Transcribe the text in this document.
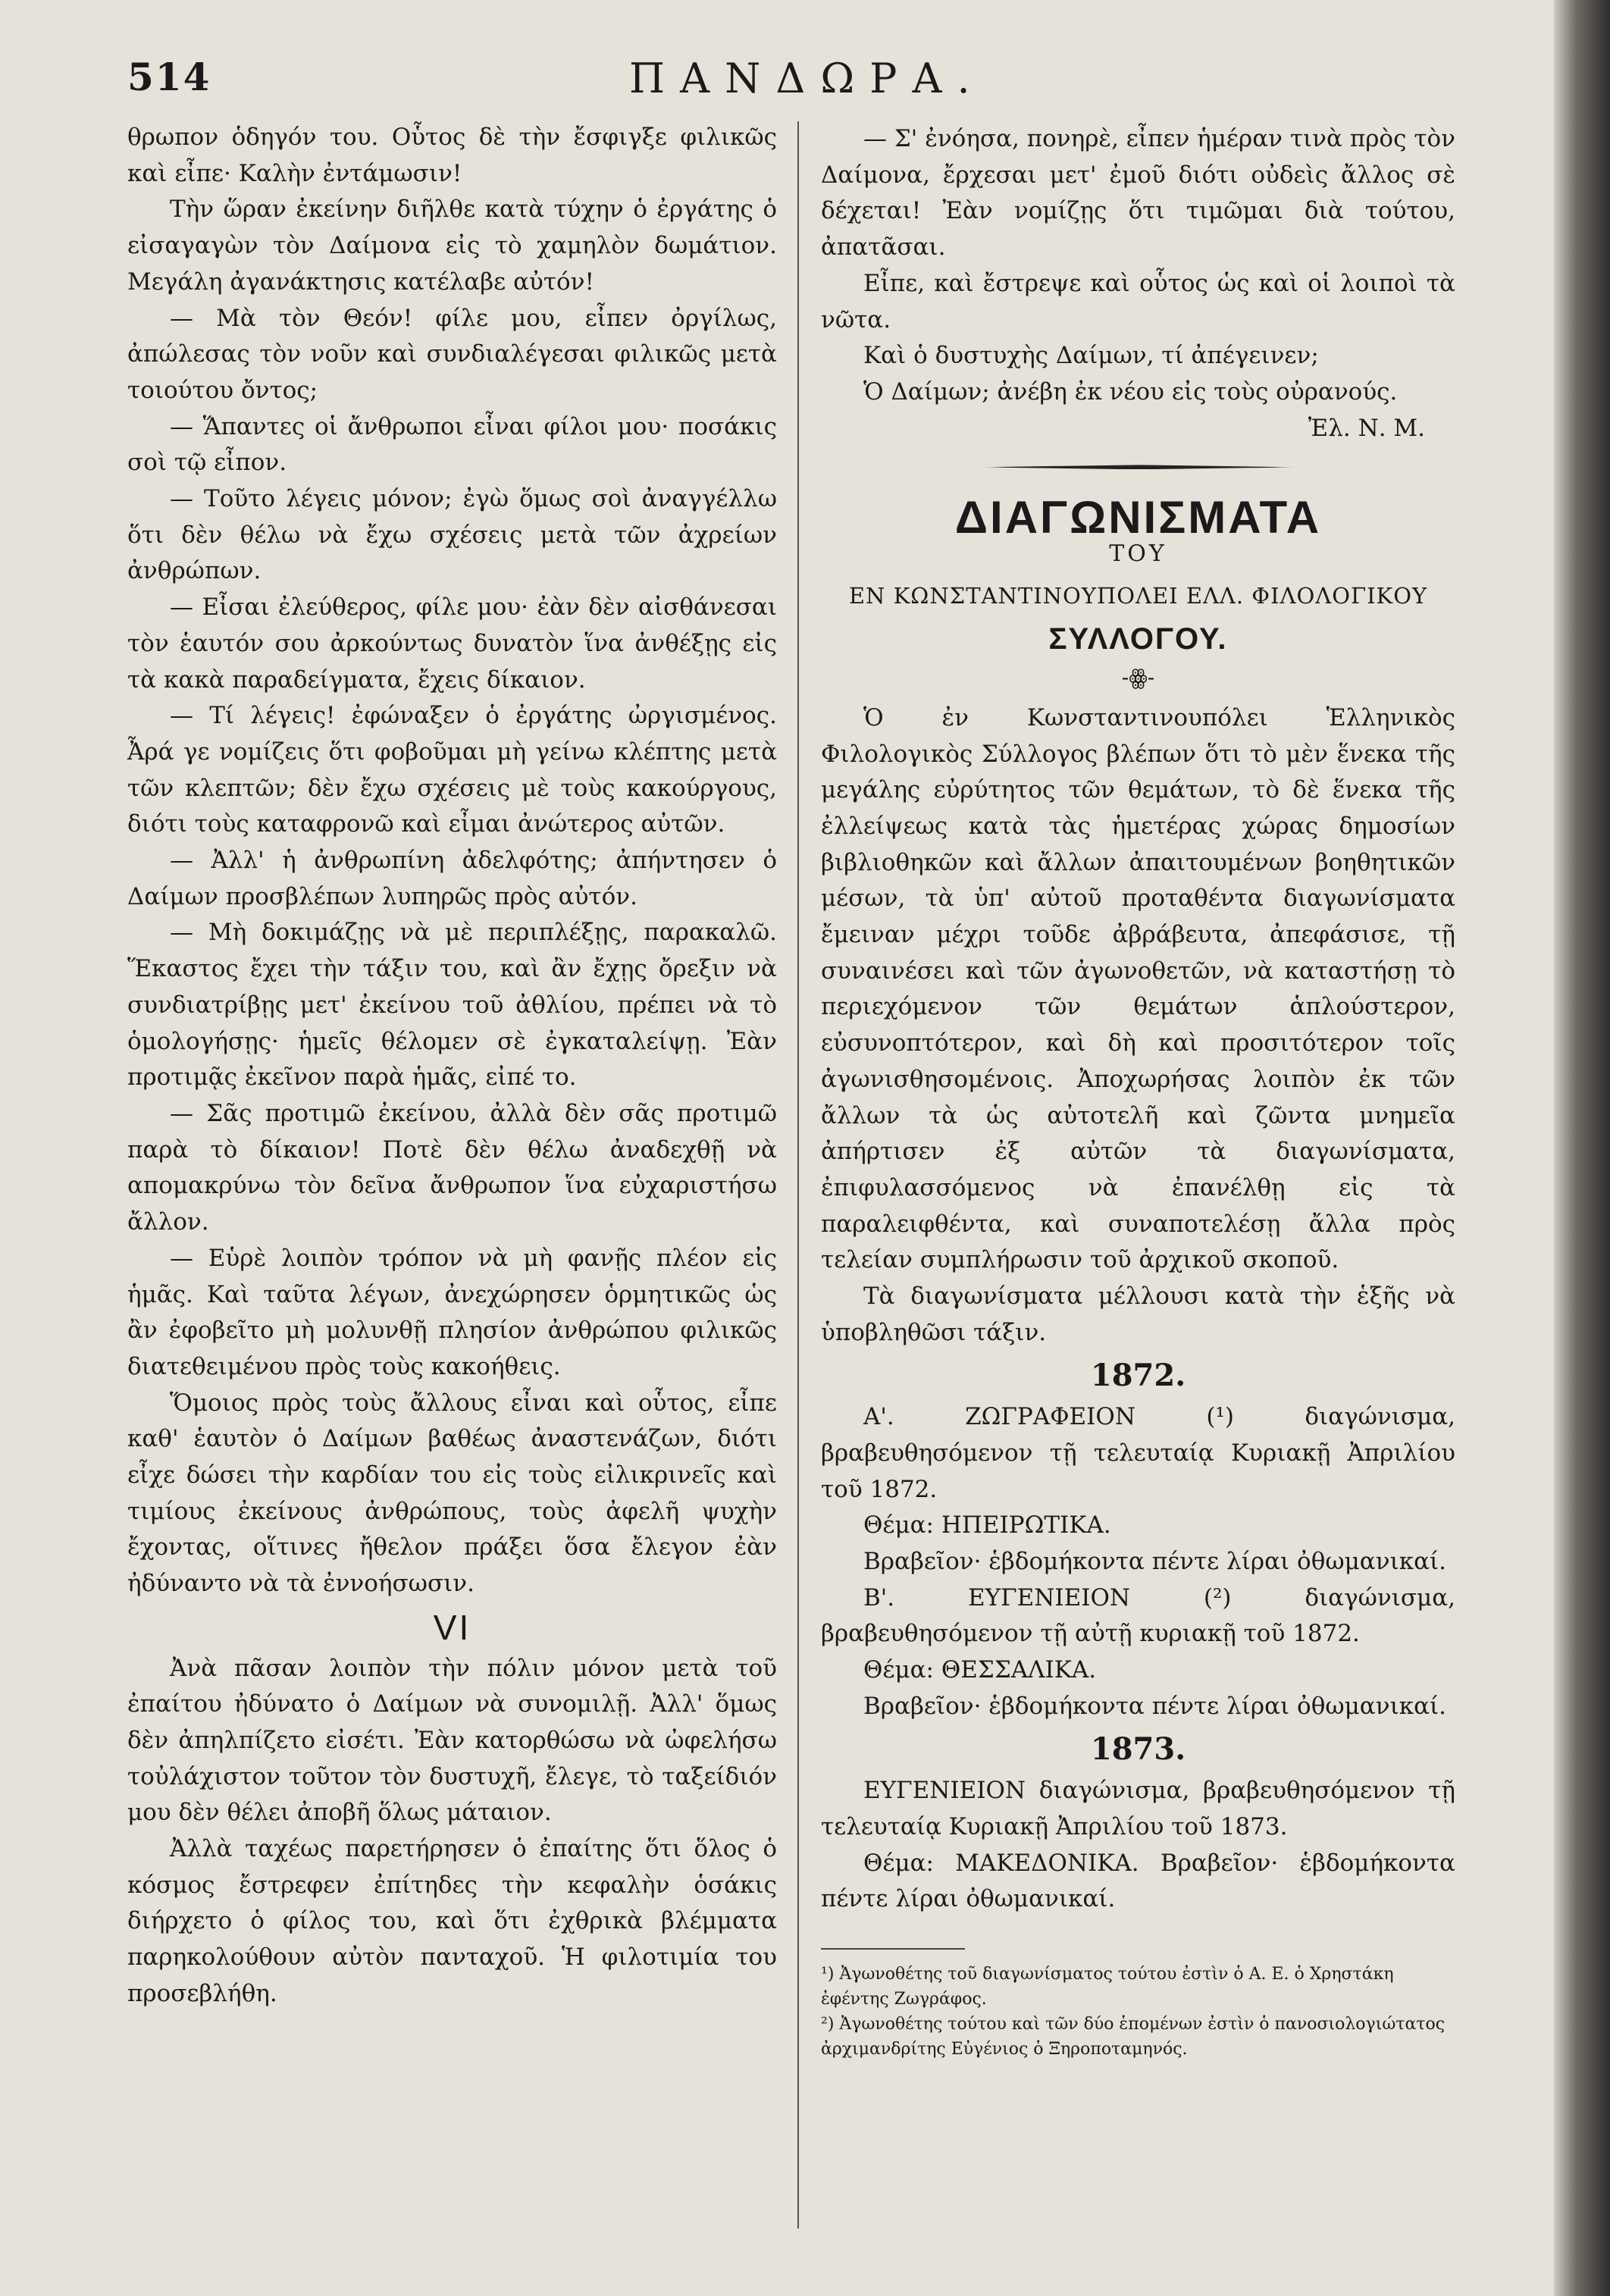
514	ΠΑΝΔΩΡΑ.
θρωπον ὁδηγόν του. Οὗτος δὲ τὴν ἔσφιγξε φιλικῶς καὶ εἶπε· Καλὴν ἐντάμωσιν!
Τὴν ὥραν ἐκείνην διῆλθε κατὰ τύχην ὁ ἐργάτης ὁ εἰσαγαγὼν τὸν Δαίμονα εἰς τὸ χαμηλὸν δωμάτιον. Μεγάλη ἀγανάκτησις κατέλαβε αὐτόν!
— Μὰ τὸν Θεόν! φίλε μου, εἶπεν ὀργίλως, ἀπώλεσας τὸν νοῦν καὶ συνδιαλέγεσαι φιλικῶς μετὰ τοιούτου ὄντος;
— Ἅπαντες οἱ ἄνθρωποι εἶναι φίλοι μου· ποσάκις σοὶ τῷ εἶπον.
— Τοῦτο λέγεις μόνον; ἐγὼ ὅμως σοὶ ἀναγγέλλω ὅτι δὲν θέλω νὰ ἔχω σχέσεις μετὰ τῶν ἀχρείων ἀνθρώπων.
— Εἶσαι ἐλεύθερος, φίλε μου· ἐὰν δὲν αἰσθάνεσαι τὸν ἑαυτόν σου ἀρκούντως δυνατὸν ἵνα ἀνθέξῃς εἰς τὰ κακὰ παραδείγματα, ἔχεις δίκαιον.
— Τί λέγεις! ἐφώναξεν ὁ ἐργάτης ὠργισμένος. Ἆρά γε νομίζεις ὅτι φοβοῦμαι μὴ γείνω κλέπτης μετὰ τῶν κλεπτῶν; δὲν ἔχω σχέσεις μὲ τοὺς κακούργους, διότι τοὺς καταφρονῶ καὶ εἶμαι ἀνώτερος αὐτῶν.
— Ἀλλ' ἡ ἀνθρωπίνη ἀδελφότης; ἀπήντησεν ὁ Δαίμων προσβλέπων λυπηρῶς πρὸς αὐτόν.
— Μὴ δοκιμάζῃς νὰ μὲ περιπλέξῃς, παρακαλῶ. Ἕκαστος ἔχει τὴν τάξιν του, καὶ ἂν ἔχῃς ὄρεξιν νὰ συνδιατρίβῃς μετ' ἐκείνου τοῦ ἀθλίου, πρέπει νὰ τὸ ὁμολογήσῃς· ἡμεῖς θέλομεν σὲ ἐγκαταλείψῃ. Ἐὰν προτιμᾷς ἐκεῖνον παρὰ ἡμᾶς, εἰπέ το.
— Σᾶς προτιμῶ ἐκείνου, ἀλλὰ δὲν σᾶς προτιμῶ παρὰ τὸ δίκαιον! Ποτὲ δὲν θέλω ἀναδεχθῇ νὰ απομακρύνω τὸν δεῖνα ἄνθρωπον ἵνα εὐχαριστήσω ἄλλον.
— Εὑρὲ λοιπὸν τρόπον νὰ μὴ φανῇς πλέον εἰς ἡμᾶς. Καὶ ταῦτα λέγων, ἀνεχώρησεν ὁρμητικῶς ὡς ἂν ἐφοβεῖτο μὴ μολυνθῇ πλησίον ἀνθρώπου φιλικῶς διατεθειμένου πρὸς τοὺς κακοήθεις.
Ὅμοιος πρὸς τοὺς ἄλλους εἶναι καὶ οὗτος, εἶπε καθ' ἑαυτὸν ὁ Δαίμων βαθέως ἀναστενάζων, διότι εἶχε δώσει τὴν καρδίαν του εἰς τοὺς εἰλικρινεῖς καὶ τιμίους ἐκείνους ἀνθρώπους, τοὺς ἀφελῆ ψυχὴν ἔχοντας, οἵτινες ἤθελον πράξει ὅσα ἔλεγον ἐὰν ἠδύναντο νὰ τὰ ἐννοήσωσιν.
VI
Ἀνὰ πᾶσαν λοιπὸν τὴν πόλιν μόνον μετὰ τοῦ ἐπαίτου ἠδύνατο ὁ Δαίμων νὰ συνομιλῇ. Ἀλλ' ὅμως δὲν ἀπηλπίζετο εἰσέτι. Ἐὰν κατορθώσω νὰ ὠφελήσω τοὐλάχιστον τοῦτον τὸν δυστυχῆ, ἔλεγε, τὸ ταξείδιόν μου δὲν θέλει ἀποβῆ ὅλως μάταιον.
Ἀλλὰ ταχέως παρετήρησεν ὁ ἐπαίτης ὅτι ὅλος ὁ κόσμος ἔστρεφεν ἐπίτηδες τὴν κεφαλὴν ὁσάκις διήρχετο ὁ φίλος του, καὶ ὅτι ἐχθρικὰ βλέμματα παρηκολούθουν αὐτὸν πανταχοῦ. Ἡ φιλοτιμία του προσεβλήθη.
— Σ' ἐνόησα, πονηρὲ, εἶπεν ἡμέραν τινὰ πρὸς τὸν Δαίμονα, ἔρχεσαι μετ' ἐμοῦ διότι οὐδεὶς ἄλλος σὲ δέχεται! Ἐὰν νομίζῃς ὅτι τιμῶμαι διὰ τούτου, ἀπατᾶσαι.
Εἶπε, καὶ ἔστρεψε καὶ οὗτος ὡς καὶ οἱ λοιποὶ τὰ νῶτα.
Καὶ ὁ δυστυχὴς Δαίμων, τί ἀπέγεινεν;
Ὁ Δαίμων; ἀνέβη ἐκ νέου εἰς τοὺς οὐρανούς.
Ἐλ. Ν. Μ.
ΔΙΑΓΩΝΙΣΜΑΤΑ
ΤΟΥ
ΕΝ ΚΩΝΣΤΑΝΤΙΝΟΥΠΟΛΕΙ ΕΛΛ. ΦΙΛΟΛΟΓΙΚΟΥ
ΣΥΛΛΟΓΟΥ.
-ꙮ-
Ὁ ἐν Κωνσταντινουπόλει Ἑλληνικὸς Φιλολογικὸς Σύλλογος βλέπων ὅτι τὸ μὲν ἕνεκα τῆς μεγάλης εὐρύτητος τῶν θεμάτων, τὸ δὲ ἕνεκα τῆς ἐλλείψεως κατὰ τὰς ἡμετέρας χώρας δημοσίων βιβλιοθηκῶν καὶ ἄλλων ἀπαιτουμένων βοηθητικῶν μέσων, τὰ ὑπ' αὐτοῦ προταθέντα διαγωνίσματα ἔμειναν μέχρι τοῦδε ἀβράβευτα, ἀπεφάσισε, τῇ συναινέσει καὶ τῶν ἀγωνοθετῶν, νὰ καταστήσῃ τὸ περιεχόμενον τῶν θεμάτων ἁπλούστερον, εὐσυνοπτότερον, καὶ δὴ καὶ προσιτότερον τοῖς ἀγωνισθησομένοις. Ἀποχωρήσας λοιπὸν ἐκ τῶν ἄλλων τὰ ὡς αὐτοτελῆ καὶ ζῶντα μνημεῖα ἀπήρτισεν ἐξ αὐτῶν τὰ διαγωνίσματα, ἐπιφυλασσόμενος νὰ ἐπανέλθῃ εἰς τὰ παραλειφθέντα, καὶ συναποτελέσῃ ἄλλα πρὸς τελείαν συμπλήρωσιν τοῦ ἀρχικοῦ σκοποῦ.
Τὰ διαγωνίσματα μέλλουσι κατὰ τὴν ἑξῆς νὰ ὑποβληθῶσι τάξιν.
1872.
Α'. ΖΩΓΡΑΦΕΙΟΝ (¹) διαγώνισμα, βραβευθησόμενον τῇ τελευταίᾳ Κυριακῇ Ἀπριλίου τοῦ 1872.
Θέμα: ΗΠΕΙΡΩΤΙΚΑ.
Βραβεῖον· ἑβδομήκοντα πέντε λίραι ὀθωμανικαί.
Β'. ΕΥΓΕΝΙΕΙΟΝ (²) διαγώνισμα, βραβευθησόμενον τῇ αὐτῇ κυριακῇ τοῦ 1872.
Θέμα: ΘΕΣΣΑΛΙΚΑ.
Βραβεῖον· ἑβδομήκοντα πέντε λίραι ὀθωμανικαί.
1873.
ΕΥΓΕΝΙΕΙΟΝ διαγώνισμα, βραβευθησόμενον τῇ τελευταίᾳ Κυριακῇ Ἀπριλίου τοῦ 1873.
Θέμα: ΜΑΚΕΔΟΝΙΚΑ. Βραβεῖον· ἑβδομήκοντα πέντε λίραι ὀθωμανικαί.
¹) Ἀγωνοθέτης τοῦ διαγωνίσματος τούτου ἐστὶν ὁ Α. Ε. ὁ Χρηστάκη ἐφέντης Ζωγράφος.
²) Ἀγωνοθέτης τούτου καὶ τῶν δύο ἑπομένων ἐστὶν ὁ πανοσιολογιώτατος ἀρχιμανδρίτης Εὐγένιος ὁ Ξηροποταμηνός.
